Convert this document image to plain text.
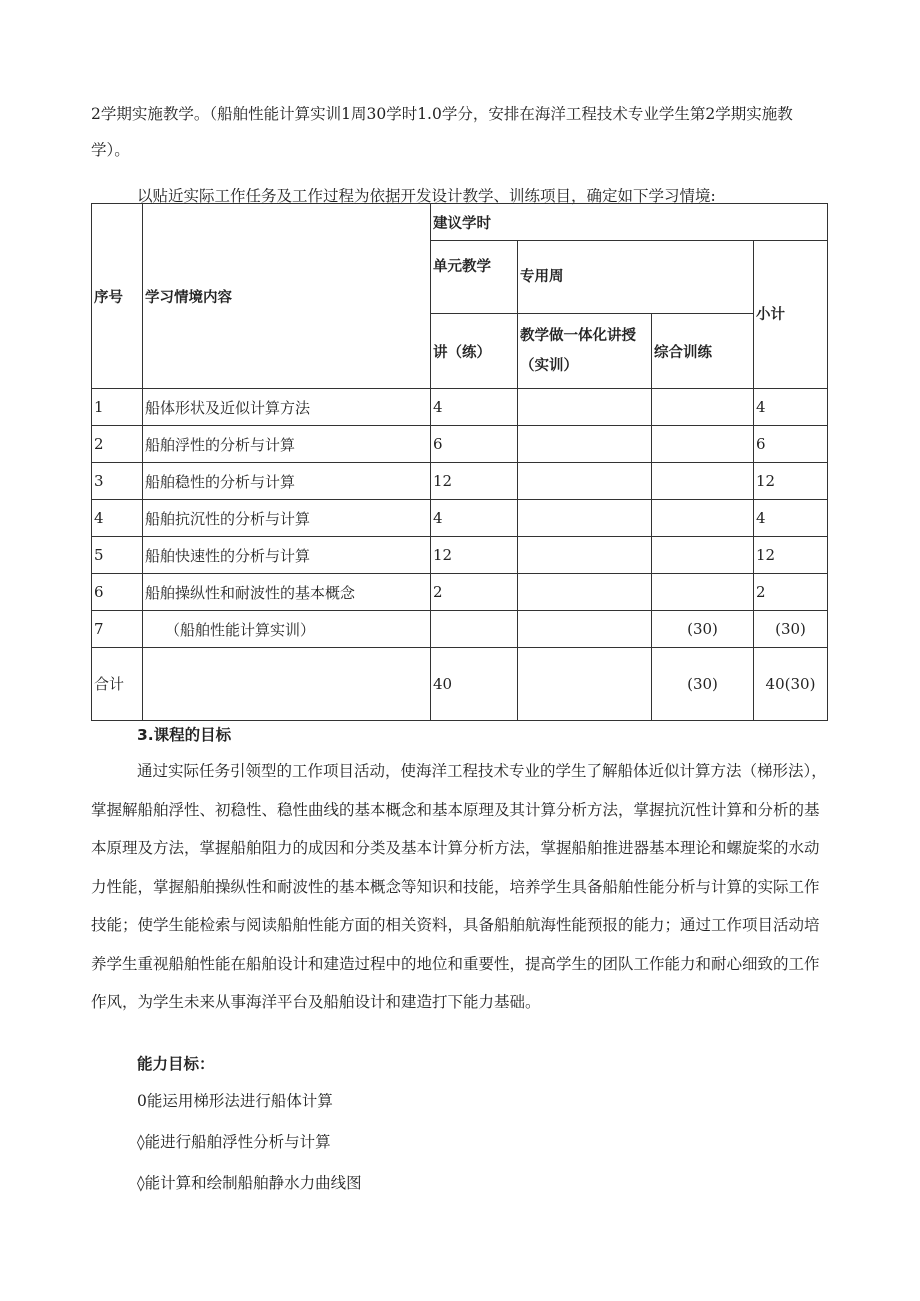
2学期实施教学。（船舶性能计算实训1周30学时1.0学分，安排在海洋工程技术专业学生第2学期实施教学）。
以贴近实际工作任务及工作过程为依据开发设计教学、训练项目，确定如下学习情境:
序号	学习情境内容	建议学时			
		单元教学	专用周		小计
		讲（练）	教学做一体化讲授（实训）	综合训练	
1	船体形状及近似计算方法	4			4
2	船舶浮性的分析与计算	6			6
3	船舶稳性的分析与计算	12			12
4	船舶抗沉性的分析与计算	4			4
5	船舶快速性的分析与计算	12			12
6	船舶操纵性和耐波性的基本概念	2			2
7	（船舶性能计算实训）			(30)	(30)
合计		40		(30)	40(30)
3.课程的目标
通过实际任务引领型的工作项目活动，使海洋工程技术专业的学生了解船体近似计算方法（梯形法），掌握解船舶浮性、初稳性、稳性曲线的基本概念和基本原理及其计算分析方法，掌握抗沉性计算和分析的基本原理及方法，掌握船舶阻力的成因和分类及基本计算分析方法，掌握船舶推进器基本理论和螺旋桨的水动力性能，掌握船舶操纵性和耐波性的基本概念等知识和技能，培养学生具备船舶性能分析与计算的实际工作技能；使学生能检索与阅读船舶性能方面的相关资料，具备船舶航海性能预报的能力；通过工作项目活动培养学生重视船舶性能在船舶设计和建造过程中的地位和重要性，提高学生的团队工作能力和耐心细致的工作作风，为学生未来从事海洋平台及船舶设计和建造打下能力基础。
能力目标：
0能运用梯形法进行船体计算
◊能进行船舶浮性分析与计算
◊能计算和绘制船舶静水力曲线图
